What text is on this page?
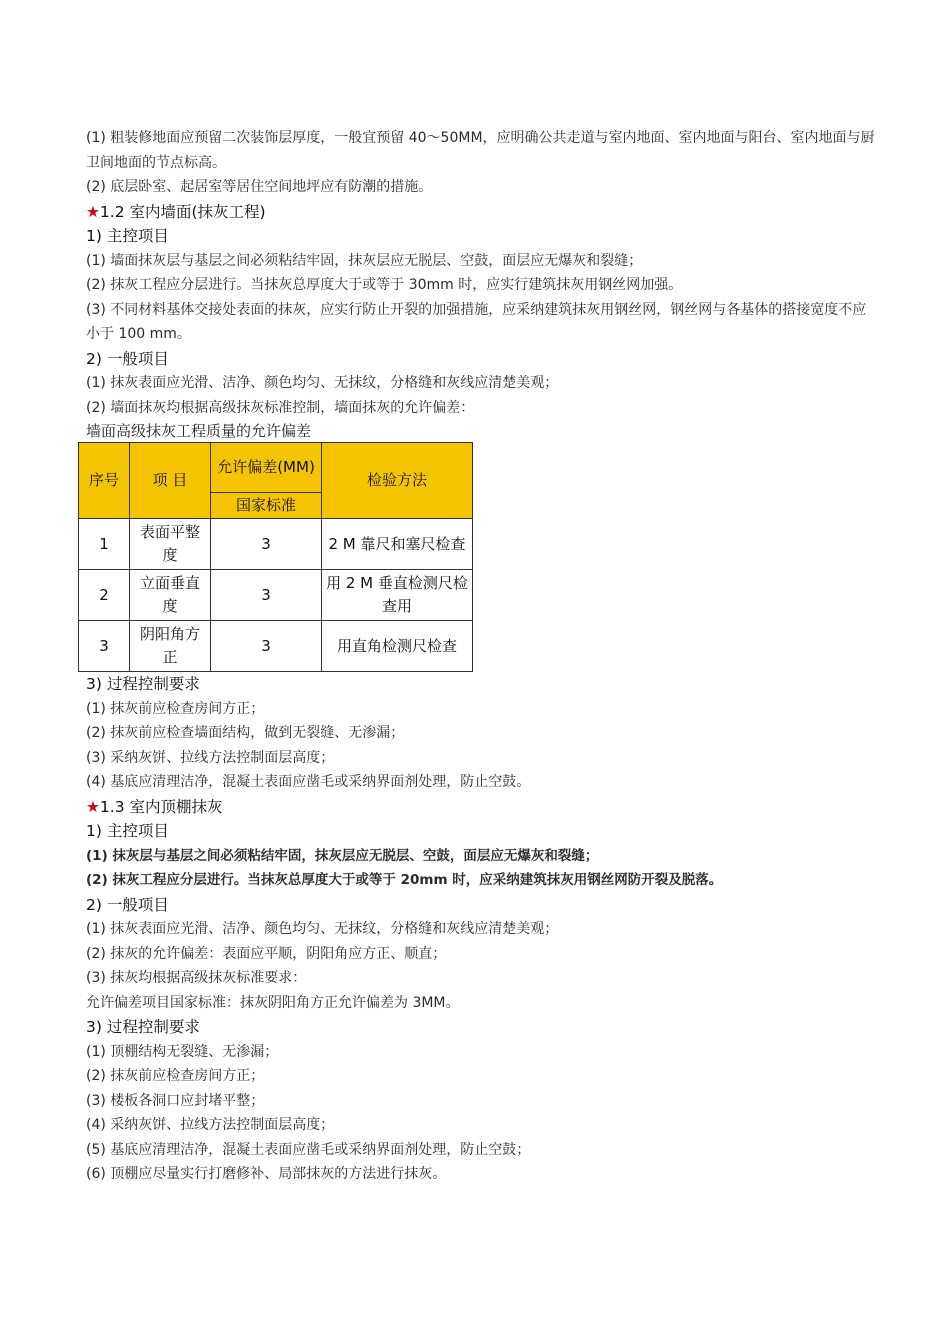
(1) 粗装修地面应预留二次装饰层厚度，一般宜预留 40～50MM，应明确公共走道与室内地面、室内地面与阳台、室内地面与厨卫间地面的节点标高。

(2) 底层卧室、起居室等居住空间地坪应有防潮的措施。

★1.2 室内墙面(抹灰工程)

1) 主控项目

(1) 墙面抹灰层与基层之间必须粘结牢固，抹灰层应无脱层、空鼓，面层应无爆灰和裂缝；

(2) 抹灰工程应分层进行。当抹灰总厚度大于或等于 30mm 时，应实行建筑抹灰用钢丝网加强。

(3) 不同材料基体交接处表面的抹灰，应实行防止开裂的加强措施，应采纳建筑抹灰用钢丝网，钢丝网与各基体的搭接宽度不应小于 100 mm。

2) 一般项目

(1) 抹灰表面应光滑、洁净、颜色均匀、无抹纹，分格缝和灰线应清楚美观；

(2) 墙面抹灰均根据高级抹灰标准控制，墙面抹灰的允许偏差：

墙面高级抹灰工程质量的允许偏差

序号	项 目	允许偏差(MM)	检验方法
		国家标准	
1	表面平整度	3	2 M 靠尺和塞尺检查
2	立面垂直度	3	用 2 M 垂直检测尺检查用
3	阴阳角方正	3	用直角检测尺检查

3) 过程控制要求

(1) 抹灰前应检查房间方正；

(2) 抹灰前应检查墙面结构，做到无裂缝、无渗漏；

(3) 采纳灰饼、拉线方法控制面层高度；

(4) 基底应清理洁净，混凝土表面应凿毛或采纳界面剂处理，防止空鼓。

★1.3 室内顶棚抹灰

1) 主控项目

(1) 抹灰层与基层之间必须粘结牢固，抹灰层应无脱层、空鼓，面层应无爆灰和裂缝；

(2) 抹灰工程应分层进行。当抹灰总厚度大于或等于 20mm 时，应采纳建筑抹灰用钢丝网防开裂及脱落。

2) 一般项目

(1) 抹灰表面应光滑、洁净、颜色均匀、无抹纹，分格缝和灰线应清楚美观；

(2) 抹灰的允许偏差：表面应平顺，阴阳角应方正、顺直；

(3) 抹灰均根据高级抹灰标准要求：

允许偏差项目国家标准：抹灰阴阳角方正允许偏差为 3MM。

3) 过程控制要求

(1) 顶棚结构无裂缝、无渗漏；

(2) 抹灰前应检查房间方正；

(3) 楼板各洞口应封堵平整；

(4) 采纳灰饼、拉线方法控制面层高度；

(5) 基底应清理洁净，混凝土表面应凿毛或采纳界面剂处理，防止空鼓；

(6) 顶棚应尽量实行打磨修补、局部抹灰的方法进行抹灰。
